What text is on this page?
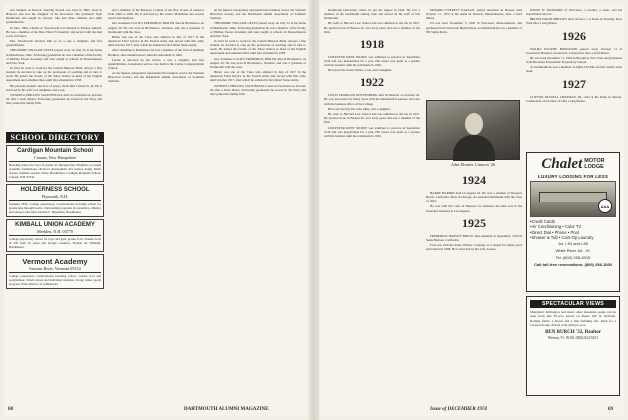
and Stephen, in Boston. Dorothy Powell was born in 1895, lived in Hanover and was the daughter of the Reverend. She graduated from Dartmouth and taught in schools. She had three children and eight grandchildren.

In June, 1904, Charles A. Woodworth was married to Eleanor Aldrich. He was a member of the Beta Theta Pi fraternity and served with the Red Cross in France.

Mrs. Woodworth survives him as do a son, a daughter, and five grandchildren.

THEODORE WILLIAM GETES passed away on July 25 at his home in Manchester, Ohio. Following graduation he was a member of the faculty of Phillips Exeter Academy and later taught at schools in Massachusetts and New York.

In 1931 he went to work for the Central Hanover Bank. Always a fine student, he decided to take up the profession of teaching and in turn to teach. He joined the faculty of the Tabor School as head of the English department and remained there until his retirement in 1958.

His pleasant manner and love of poetry made him a friend to all. He is survived by his wife, two daughters and a son.

WENDELL PHILLIPS SALTONSTALL died in Cincinnati on October 26 after a short illness. Following graduation he served in the Navy and later joined the family firm.

and a member of the Buckeye Council of the Boy Scouts of America from 1929 to 1946. He is survived by his widow Madeleine and several nieces and nephews.

Our classmate LUCIUS FREDERICK BIXLER died in Brattleboro on August 29. He was born in Brattleboro, Vermont, and was a graduate of Dartmouth with the class.

Bixler was one of the Class who enlisted in July of 1917 in the American Field Service in the French Army and served with that army until October 1917, after which he enlisted in the United States Army.

After returning to Brattleboro he was a member of the firm of Dunham Brothers, shoe manufacturers, until his retirement in 1960.

Lucius is survived by his widow, a son, a daughter and four grandchildren. A memorial service was held in the Centre Congregational Church.

At his funeral, delegations represented the business world, the Vermont Historical Society and the Dartmouth alumni association of Southern Vermont.

At his funeral, delegations represented the business world, the Vermont Historical Society and the Dartmouth alumni association of Southern Vermont.

THEODORE WILLIAM GETES passed away on July 25 at his home in Manchester, Ohio. Following graduation he was a member of the faculty of Phillips Exeter Academy and later taught at schools in Massachusetts and New York.

In 1931 he went to work for the Central Hanover Bank. Always a fine student, he decided to take up the profession of teaching and in turn to teach. He joined the faculty of the Tabor School as head of the English department and remained there until his retirement in 1958.

Our classmate LUCIUS FREDERICK BIXLER died in Brattleboro on August 29. He was born in Brattleboro, Vermont, and was a graduate of Dartmouth with the class.

Bixler was one of the Class who enlisted in July of 1917 in the American Field Service in the French Army and served with that army until October 1917, after which he enlisted in the United States Army.

WENDELL PHILLIPS SALTONSTALL died in Cincinnati on October 26 after a short illness. Following graduation he served in the Navy and later joined the family firm.

SCHOOL DIRECTORY
Cardigan Mountain School
Canaan, New Hampshire
Boarding school for boys in grades six through nine. Emphasis on sound academic foundations, character development and outdoor living. Small classes. Summer session. Write: Headmaster, Cardigan Mountain School, Canaan, N.H. 03741.
HOLDERNESS SCHOOL
Plymouth, N.H.
Founded 1879. College preparatory. Coeducational boarding school for grades nine through twelve. Outstanding programs in academics, athletics and outdoor education. Donald C. Hagerman, Headmaster.
KIMBALL UNION ACADEMY
Meriden, N.H. 03770
College preparatory school for boys and girls, grades 9-12. Student body of 250 from 25 states and foreign countries. Thomas M. Wilhelm, Headmaster.
Vermont Academy
Saxtons River, Vermont 05154
College preparatory coeducational boarding school. Grades 9-12 and postgraduate. Small classes and individual attention. Strong winter sports program. Write Director of Admissions.
68	DARTMOUTH ALUMNI MAGAZINE

Dartmouth University, where he got his degree in 1924. He was a member of the Dartmouth Outing Club and served on the staff of The Dartmouth.

He went to Harvard Law School and was admitted to the bar in 1927. He practiced law in Boston for over forty years and was a member of the firm.

1918

LEICESTER KENT MCKEE was admitted to practice in September 1919 and was hospitalized for a year. His career was spent as a partner with his brothers until his retirement in 1962.

He leaves his widow Helen, a son, and a daughter.

1922

LEWIS FRANKLIN DOTTENBERG died in Hanover on October 20. He was associated for many years with the Dartmouth bookstore and later with the business office of the College.

He is survived by his wife, Mary, and a daughter.

He went to Harvard Law School and was admitted to the bar in 1927. He practiced law in Boston for over forty years and was a member of the firm.

LEICESTER KENT MCKEE was admitted to practice in September 1919 and was hospitalized for a year. His career was spent as a partner with his brothers until his retirement in 1962.

EDWARD EVERETT KAPLAN, retired merchant in Boston, died October 17, 1974 at his home in Newton, Massachusetts, after a brief illness.

Ed was born November 3, 1900 in Worcester, Massachusetts, and graduated from Worcester High School. At Dartmouth he was a member of Phi Sigma Delta.

John Donner Cannon '26
1924

HARRY HARDIN died on August 24. He was a resident of Newport Beach, California. Born in Chicago, he attended Dartmouth with the class of 1924.

He was with the Class in Hanover for business and then was in the insurance business in Los Angeles.

1925

FREDERICK HARVEY BRUCE died suddenly in September, 1974 in Santa Barbara, California.

Fred was with the Paine Webber Company as a broker for many years and retired in 1968. He is survived by his wife, Louise.

DAVID W. BARNARD of Worcester, a brother, a sister, and his stepchildren survive.

BRUNO DAVID PHILLIPS died October 1 at home in Pawling, New York after a long illness.

1926

WALDO EUGENE BONGTSON passed away October 11 at Greenwich Hospital, Greenwich, Connecticut after a brief illness.

He was born December 11, 1904 in Brooklyn, New York and graduated from Brooklyn Polytechnic Preparatory School.

At Dartmouth he was a member of Alpha Chi Rho and the varsity track team.

1927

CLIFTON RUSSELL CHAPMAN, JR., died at his home in Sharon, Connecticut on October 22 after a long illness.

Chalet MOTOR
LODGE
LUXURY LODGING FOR LESS
AAA
• Credit Cards
• Air Conditioning • Color TV
• Direct Dial • Phone • Pool
• Shower & Tub • Coin-Op Laundry
Jct. I-91 and I-89
White River Jct., Vt.
Tel. (802) 295-3015
Call toll-free reservations: (800) 258-1000
SPECTACULAR VIEWS
Mansfield, Killington and many other mountain peaks can be seen from this 85-acre parcel on Route 100 in Vermont. Rolling fields, a brook and a fine building site. Ideal for a vacation home. Priced at $1,200 per acre.
BEN BURCH '32, Realtor
Weston, Vt. 05161 (802) 824-5451
Issue of DECEMBER 1974	69
